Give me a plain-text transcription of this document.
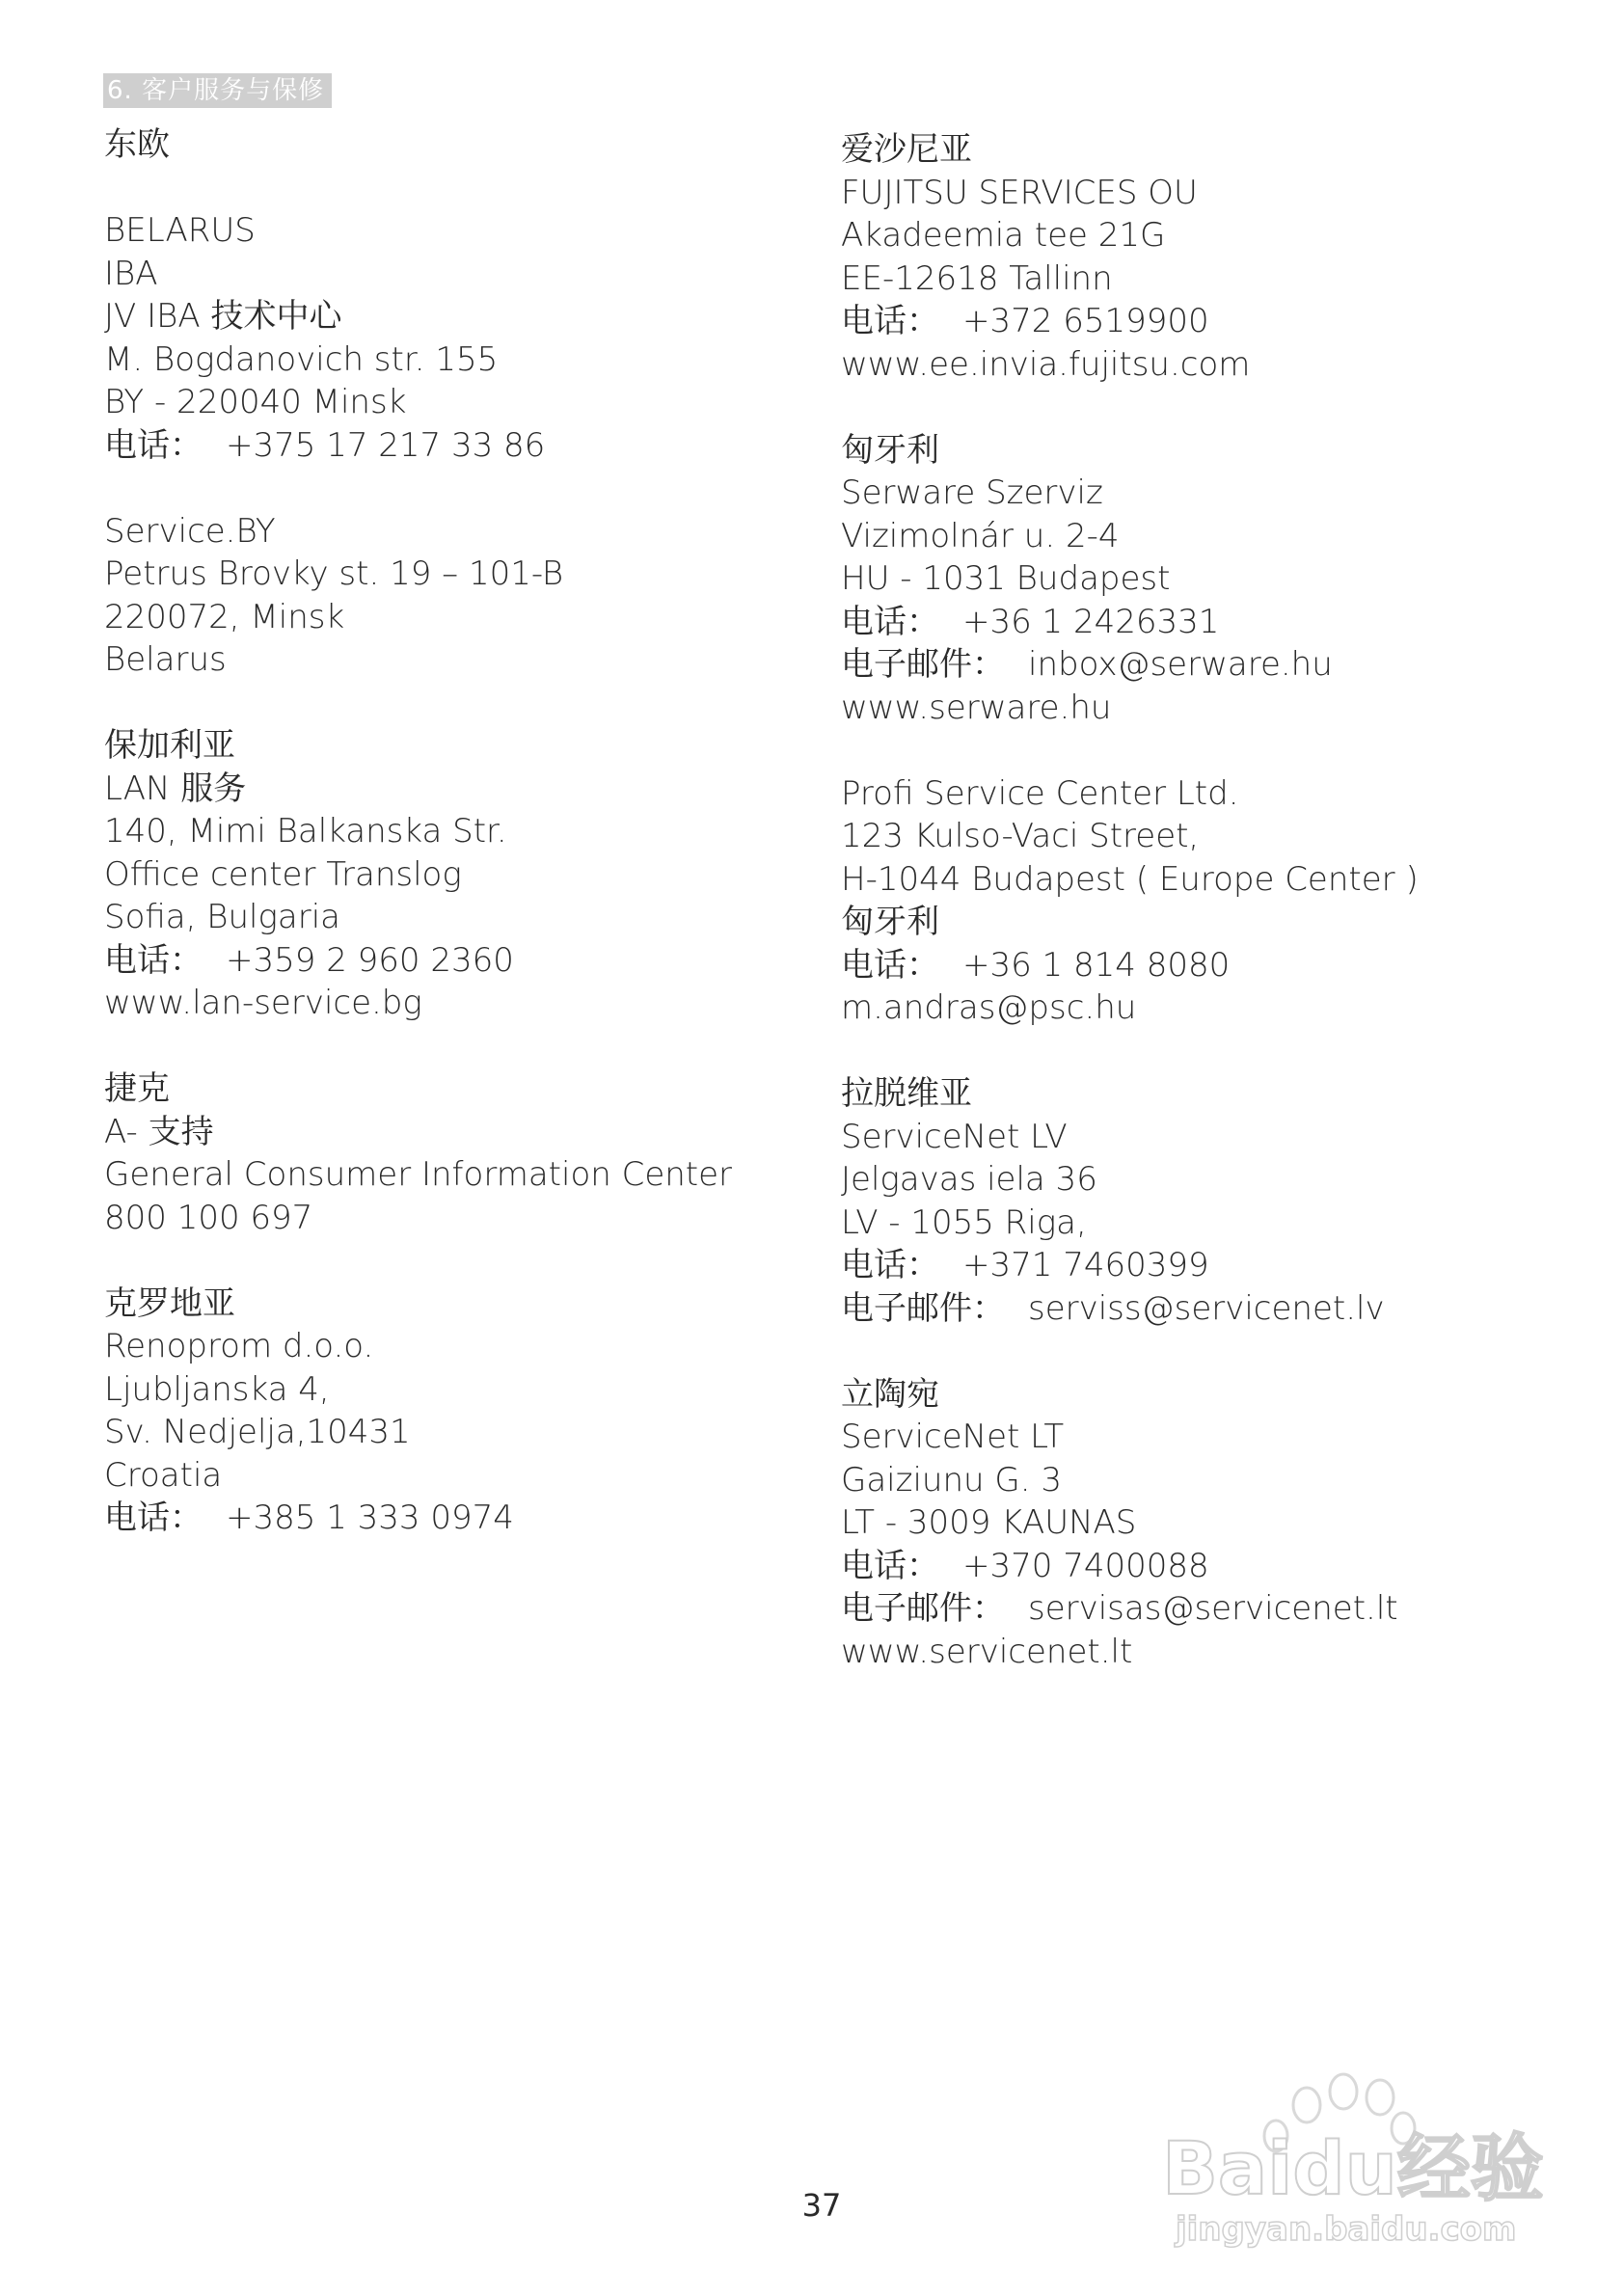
6. 客户服务与保修
东欧
BELARUS
IBA
JV IBA 技术中心
M. Bogdanovich str. 155
BY - 220040 Minsk
电话： +375 17 217 33 86
Service.BY
Petrus Brovky st. 19 – 101-B
220072, Minsk
Belarus
保加利亚
LAN 服务
140, Mimi Balkanska Str.
Office center Translog
Sofia, Bulgaria
电话： +359 2 960 2360
www.lan-service.bg
捷克
A- 支持
General Consumer Information Center
800 100 697
克罗地亚
Renoprom d.o.o.
Ljubljanska 4,
Sv. Nedjelja,10431
Croatia
电话： +385 1 333 0974
爱沙尼亚
FUJITSU SERVICES OU
Akadeemia tee 21G
EE-12618 Tallinn
电话： +372 6519900
www.ee.invia.fujitsu.com
匈牙利
Serware Szerviz
Vizimolnár u. 2-4
HU - 1031 Budapest
电话： +36 1 2426331
电子邮件： inbox@serware.hu
www.serware.hu
Profi Service Center Ltd.
123 Kulso-Vaci Street,
H-1044 Budapest ( Europe Center )
匈牙利
电话： +36 1 814 8080
m.andras@psc.hu
拉脱维亚
ServiceNet LV
Jelgavas iela 36
LV - 1055 Riga,
电话： +371 7460399
电子邮件： serviss@servicenet.lv
立陶宛
ServiceNet LT
Gaiziunu G. 3
LT - 3009 KAUNAS
电话： +370 7400088
电子邮件： servisas@servicenet.lt
www.servicenet.lt
37	Baidu经验
jingyan.baidu.com
